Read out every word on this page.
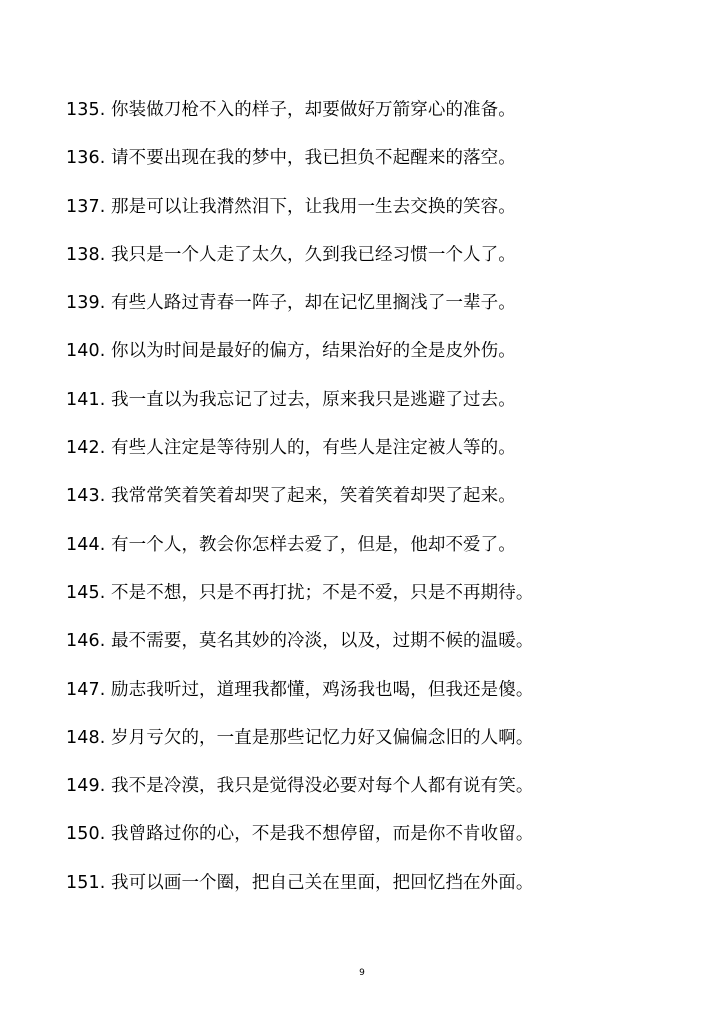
135. 你装做刀枪不入的样子，却要做好万箭穿心的准备。
136. 请不要出现在我的梦中，我已担负不起醒来的落空。
137. 那是可以让我潸然泪下，让我用一生去交换的笑容。
138. 我只是一个人走了太久，久到我已经习惯一个人了。
139. 有些人路过青春一阵子，却在记忆里搁浅了一辈子。
140. 你以为时间是最好的偏方，结果治好的全是皮外伤。
141. 我一直以为我忘记了过去，原来我只是逃避了过去。
142. 有些人注定是等待别人的，有些人是注定被人等的。
143. 我常常笑着笑着却哭了起来，笑着笑着却哭了起来。
144. 有一个人，教会你怎样去爱了，但是，他却不爱了。
145. 不是不想，只是不再打扰；不是不爱，只是不再期待。
146. 最不需要，莫名其妙的冷淡，以及，过期不候的温暖。
147. 励志我听过，道理我都懂，鸡汤我也喝，但我还是傻。
148. 岁月亏欠的，一直是那些记忆力好又偏偏念旧的人啊。
149. 我不是冷漠，我只是觉得没必要对每个人都有说有笑。
150. 我曾路过你的心，不是我不想停留，而是你不肯收留。
151. 我可以画一个圈，把自己关在里面，把回忆挡在外面。
9
